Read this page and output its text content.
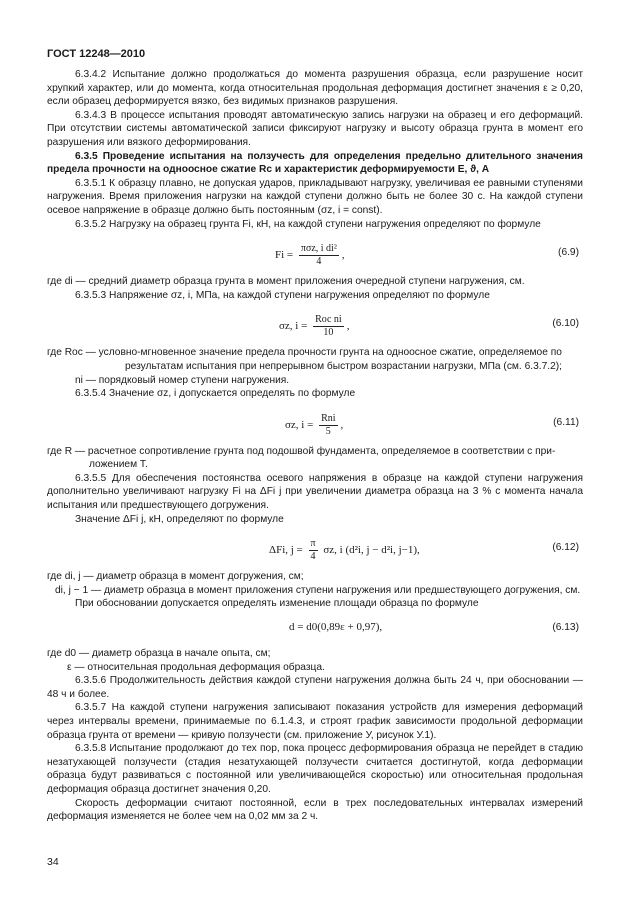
ГОСТ 12248—2010

6.3.4.2 Испытание должно продолжаться до момента разрушения образца, если разрушение носит хрупкий характер, или до момента, когда относительная продольная деформация достигнет значения ε ≥ 0,20, если образец деформируется вязко, без видимых признаков разрушения.

6.3.4.3 В процессе испытания проводят автоматическую запись нагрузки на образец и его деформаций. При отсутствии системы автоматической записи фиксируют нагрузку и высоту образца грунта в момент его разрушения или вязкого деформирования.

6.3.5 Проведение испытания на ползучесть для определения предельно длительного значения предела прочности на одноосное сжатие Rс и характеристик деформируемости E, ϑ, A

6.3.5.1 К образцу плавно, не допуская ударов, прикладывают нагрузку, увеличивая ее равными ступенями нагружения. Время приложения нагрузки на каждой ступени должно быть не более 30 с. На каждой ступени осевое напряжение в образце должно быть постоянным (σz, i = const).

6.3.5.2 Нагрузку на образец грунта Fi, кН, на каждой ступени нагружения определяют по формуле

$Fi = \frac{\text{πσz, i di²}}{4}$ ,	(6.9)

где di — средний диаметр образца грунта в момент приложения очередной ступени нагружения, см.

6.3.5.3 Напряжение σz, i, МПа, на каждой ступени нагружения определяют по формуле

σz, $i = \frac{\text{Rос ni}}{10}$ ,	(6.10)

где Rос — условно-мгновенное значение предела прочности грунта на одноосное сжатие, определяемое по

результатам испытания при непрерывном быстром возрастании нагрузки, МПа (см. 6.3.7.2);

ni — порядковый номер ступени нагружения.

6.3.5.4 Значение σz, i допускается определять по формуле

σz, $i = \frac{\text{Rni}}{5}$ ,	(6.11)

где R — расчетное сопротивление грунта под подошвой фундамента, определяемое в соответствии с при-

ложением Т.

6.3.5.5 Для обеспечения постоянства осевого напряжения в образце на каждой ступени нагружения дополнительно увеличивают нагрузку Fi на ΔFi j при увеличении диаметра образца на 3 % с момента начала испытания или предшествующего догружения.

Значение ΔFi j, кН, определяют по формуле

ΔFi, $j = \frac{\pi}{4} \sigma z$, i (d²i, j − d²i, j−1),	(6.12)

где di, j — диаметр образца в момент догружения, см;

di, j − 1 — диаметр образца в момент приложения ступени нагружения или предшествующего догружения, см.

При обосновании допускается определять изменение площади образца по формуле

d = d0(0,89ε + 0,97),	(6.13)

где d0 — диаметр образца в начале опыта, см;

ε — относительная продольная деформация образца.

6.3.5.6 Продолжительность действия каждой ступени нагружения должна быть 24 ч, при обосновании — 48 ч и более.

6.3.5.7 На каждой ступени нагружения записывают показания устройств для измерения деформаций через интервалы времени, принимаемые по 6.1.4.3, и строят график зависимости продольной деформации образца грунта от времени — кривую ползучести (см. приложение У, рисунок У.1).

6.3.5.8 Испытание продолжают до тех пор, пока процесс деформирования образца не перейдет в стадию незатухающей ползучести (стадия незатухающей ползучести считается достигнутой, когда деформации образца будут развиваться с постоянной или увеличивающейся скоростью) или относительная продольная деформация образца достигнет значения 0,20.

Скорость деформации считают постоянной, если в трех последовательных интервалах измерений деформация изменяется не более чем на 0,02 мм за 2 ч.

34
